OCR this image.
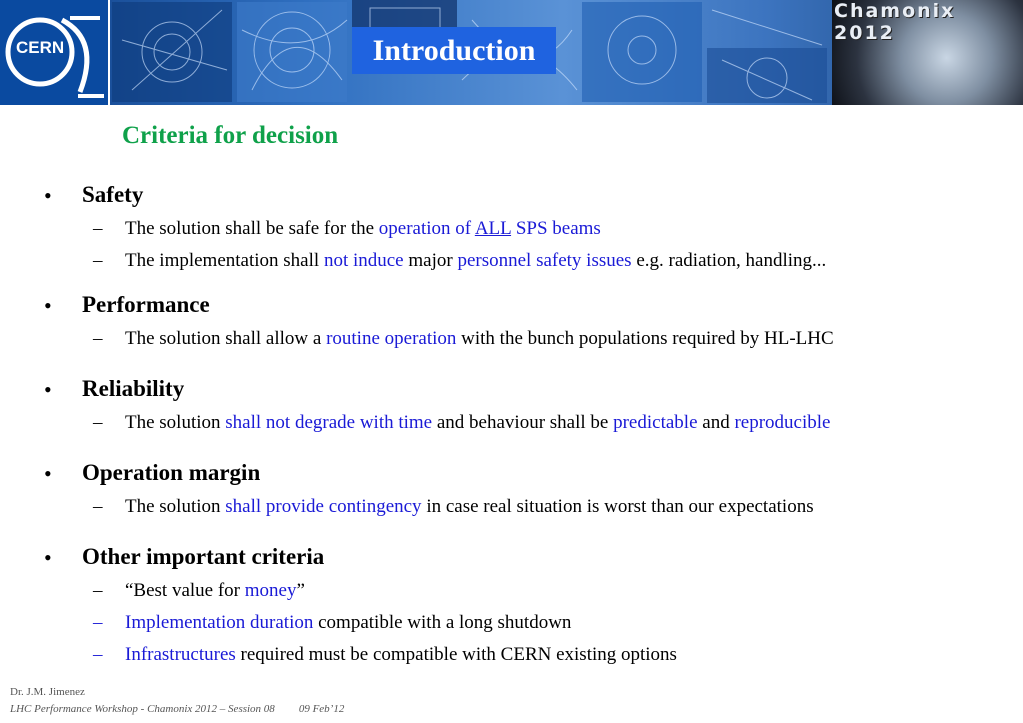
CERN
Chamonix 2012
Introduction
Criteria for decision
• Safety
– The solution shall be safe for the operation of ALL SPS beams
– The implementation shall not induce major personnel safety issues e.g. radiation, handling...
• Performance
– The solution shall allow a routine operation with the bunch populations required by HL-LHC
• Reliability
– The solution shall not degrade with time and behaviour shall be predictable and reproducible
• Operation margin
– The solution shall provide contingency in case real situation is worst than our expectations
• Other important criteria
– “Best value for money”
– Implementation duration compatible with a long shutdown
– Infrastructures required must be compatible with CERN existing options
Dr. J.M. Jimenez
LHC Performance Workshop - Chamonix 2012 – Session 08 09 Feb’12
